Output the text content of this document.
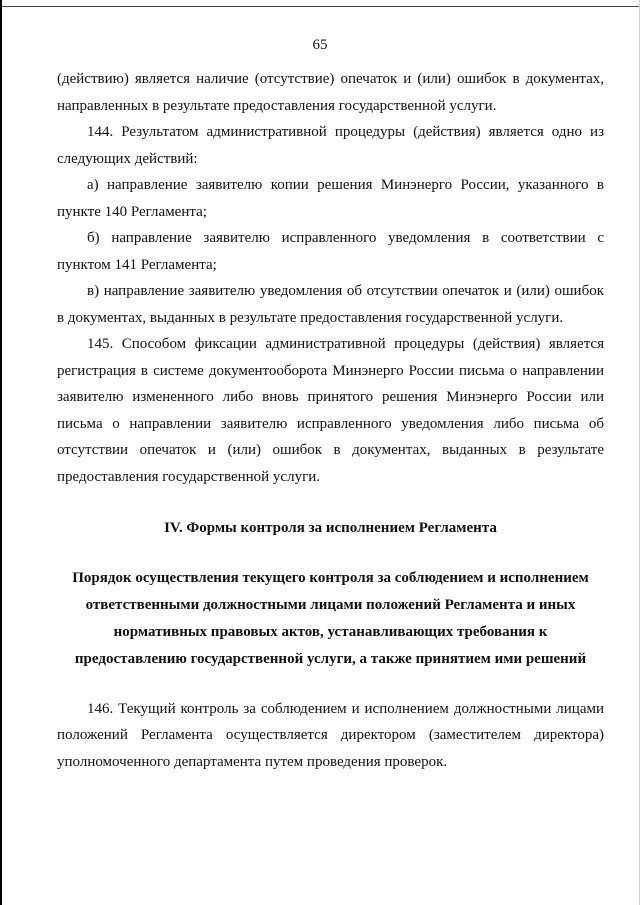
65

(действию) является наличие (отсутствие) опечаток и (или) ошибок в документах, направленных в результате предоставления государственной услуги.

144. Результатом административной процедуры (действия) является одно из следующих действий:

а) направление заявителю копии решения Минэнерго России, указанного в пункте 140 Регламента;

б) направление заявителю исправленного уведомления в соответствии с пунктом 141 Регламента;

в) направление заявителю уведомления об отсутствии опечаток и (или) ошибок в документах, выданных в результате предоставления государственной услуги.

145. Способом фиксации административной процедуры (действия) является регистрация в системе документооборота Минэнерго России письма о направлении заявителю измененного либо вновь принятого решения Минэнерго России или письма о направлении заявителю исправленного уведомления либо письма об отсутствии опечаток и (или) ошибок в документах, выданных в результате предоставления государственной услуги.

IV. Формы контроля за исполнением Регламента
Порядок осуществления текущего контроля за соблюдением и исполнением ответственными должностными лицами положений Регламента и иных нормативных правовых актов, устанавливающих требования к предоставлению государственной услуги, а также принятием ими решений

146. Текущий контроль за соблюдением и исполнением должностными лицами положений Регламента осуществляется директором (заместителем директора) уполномоченного департамента путем проведения проверок.
